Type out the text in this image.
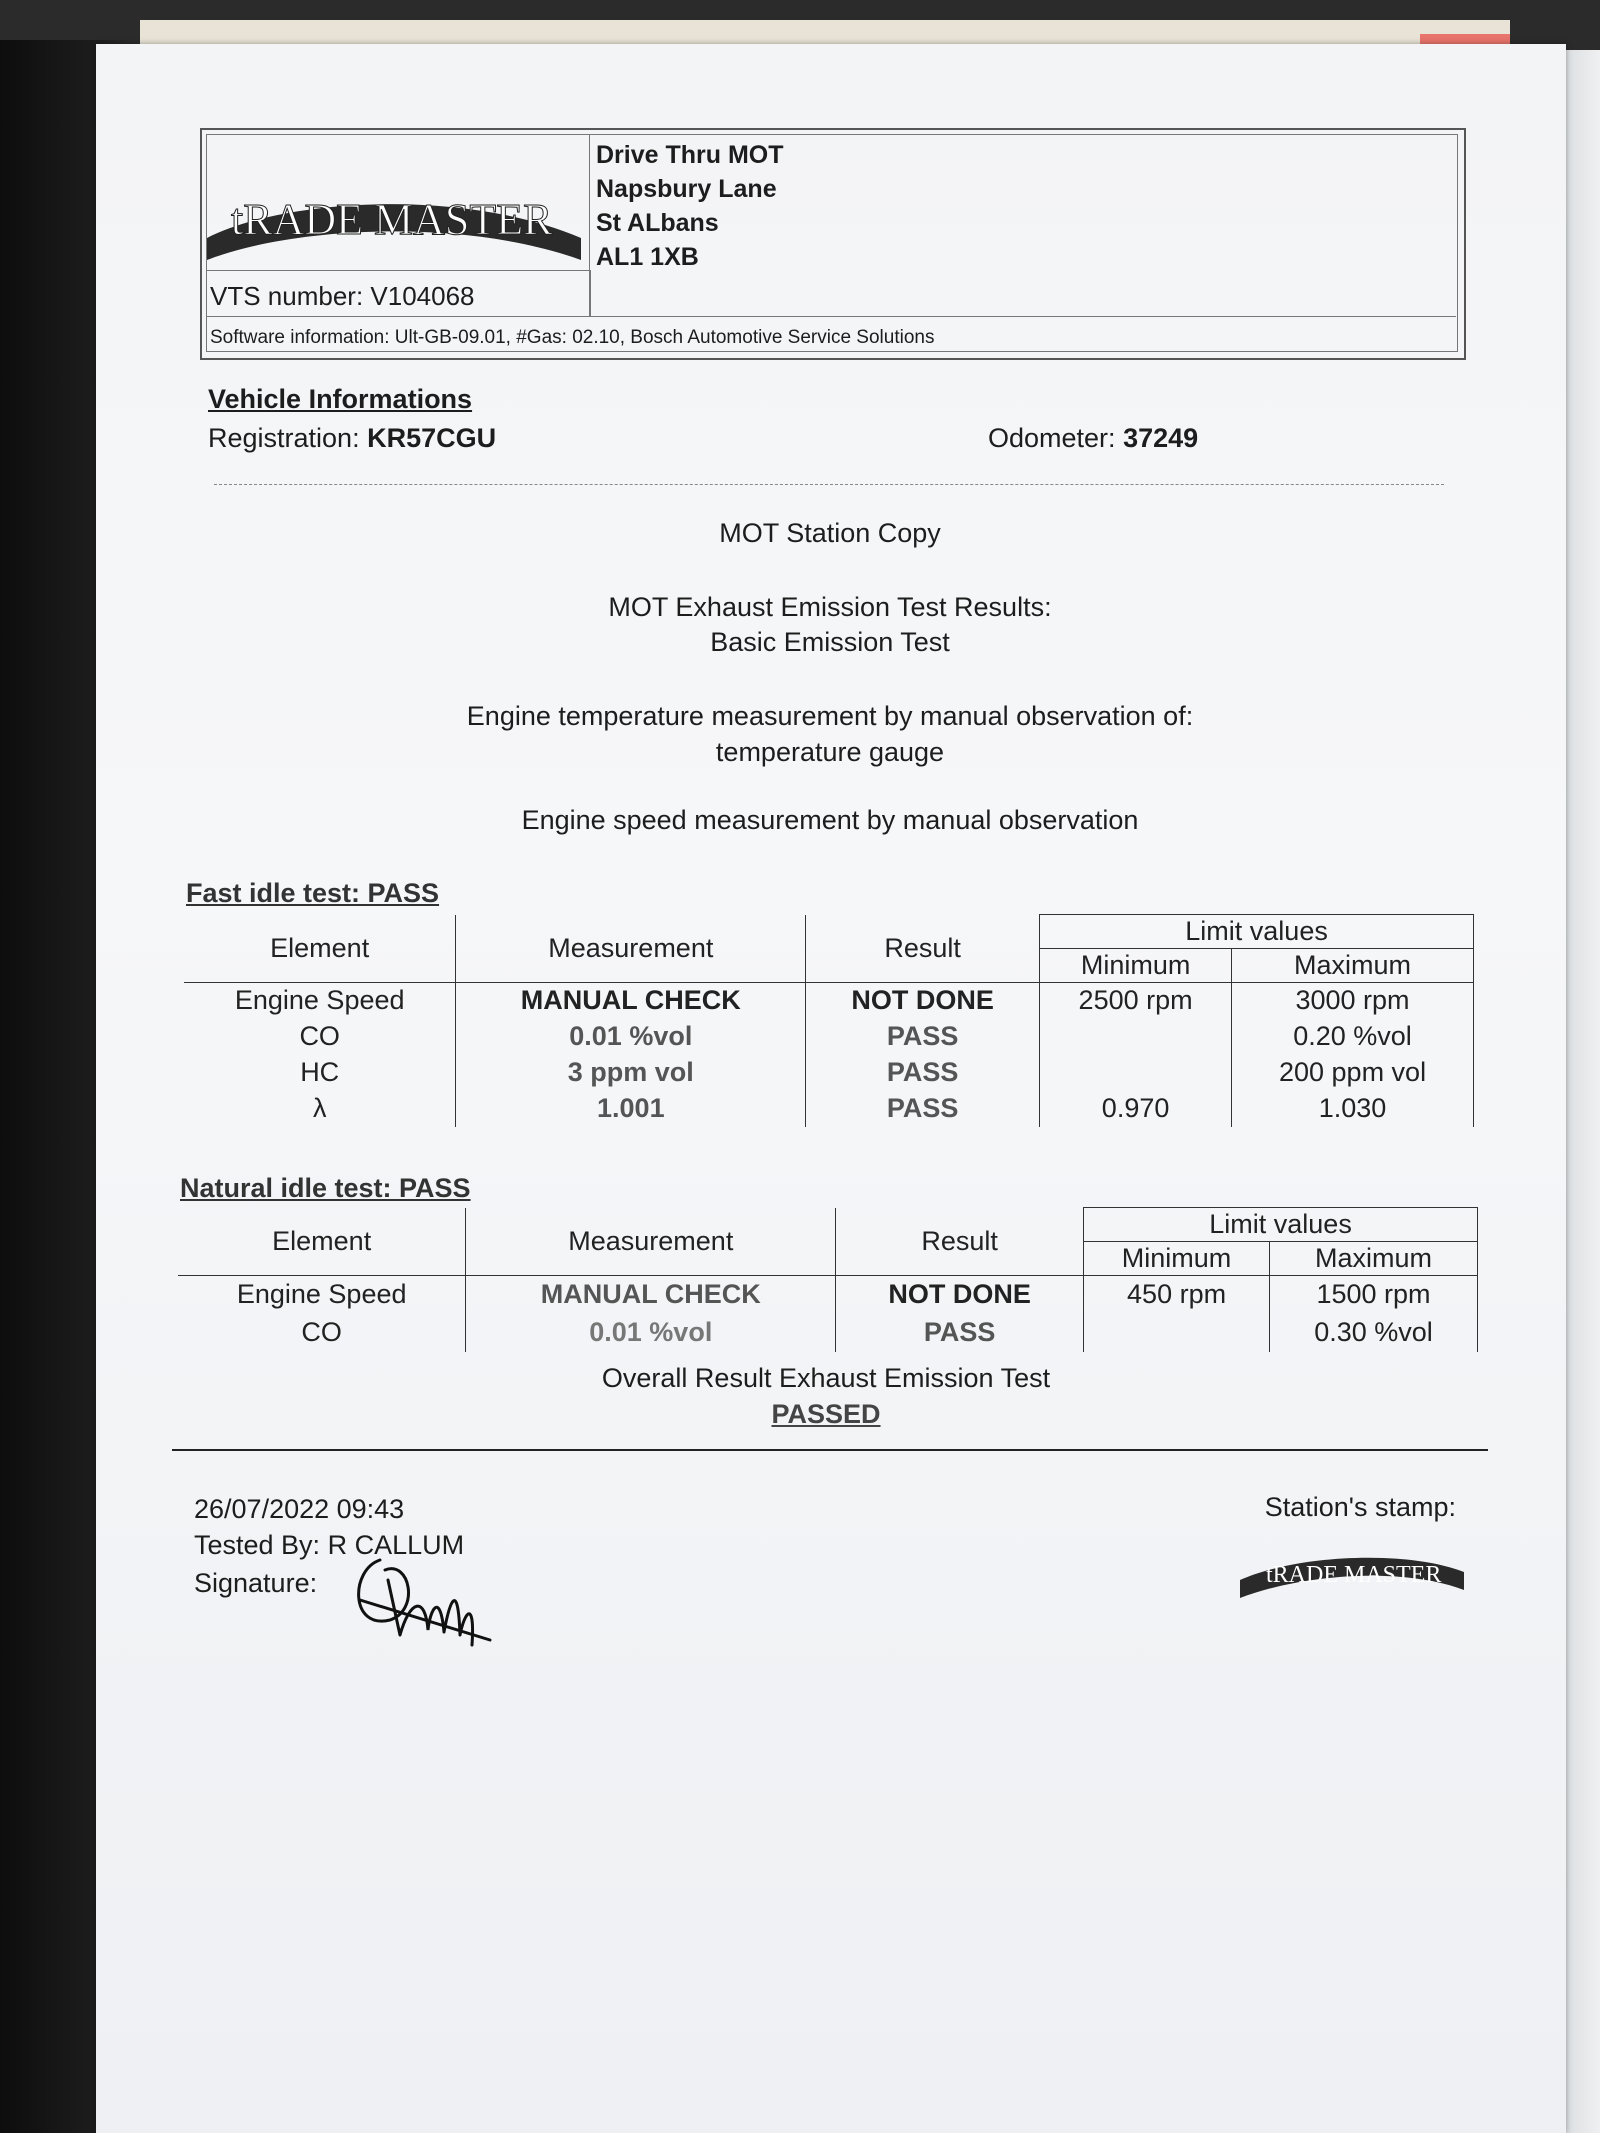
tRADE MASTER
VTS number: V104068
Drive Thru MOT
Napsbury Lane
St ALbans
AL1 1XB
Software information: Ult-GB-09.01, #Gas: 02.10, Bosch Automotive Service Solutions
Vehicle Informations
Registration: KR57CGU	Odometer: 37249
MOT Station Copy
MOT Exhaust Emission Test Results:
Basic Emission Test
Engine temperature measurement by manual observation of:
temperature gauge
Engine speed measurement by manual observation
Fast idle test: PASS
Element	Measurement	Result	Limit values	
			Minimum	Maximum
Engine Speed	MANUAL CHECK	NOT DONE	2500 rpm	3000 rpm
CO	0.01 %vol	PASS		0.20 %vol
HC	3 ppm vol	PASS		200 ppm vol
λ	1.001	PASS	0.970	1.030
Natural idle test: PASS
Element	Measurement	Result	Limit values	
			Minimum	Maximum
Engine Speed	MANUAL CHECK	NOT DONE	450 rpm	1500 rpm
CO	0.01 %vol	PASS		0.30 %vol
Overall Result Exhaust Emission Test
PASSED
26/07/2022 09:43
Tested By: R CALLUM
Signature:
Station's stamp:
tRADE MASTER
